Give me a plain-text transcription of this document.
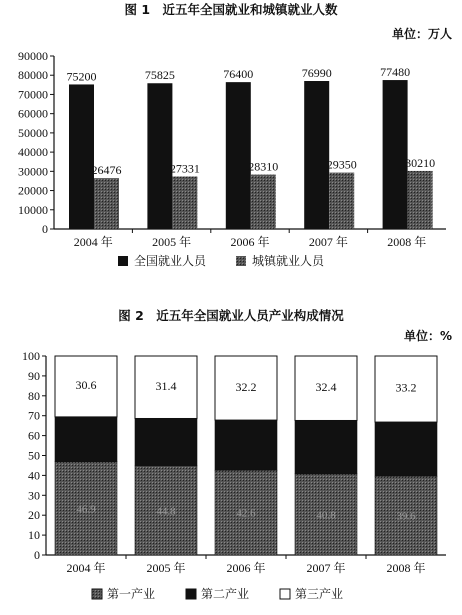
图 1　近五年全国就业和城镇就业人数
单位：万人
图 2　近五年全国就业人员产业构成情况
单位：%
0
10000
20000
30000
40000
50000
60000
70000
80000
90000
75200
26476
2004 年
75825
27331
2005 年
76400
28310
2006 年
76990
29350
2007 年
77480
30210
2008 年
全国就业人员	城镇就业人员
0
10
20
30
40
50
60
70
80
90
100
46.9
30.6
2004 年
44.8
31.4
2005 年
42.6
32.2
2006 年
40.8
32.4
2007 年
39.6
33.2
2008 年
第一产业	第二产业	第三产业
